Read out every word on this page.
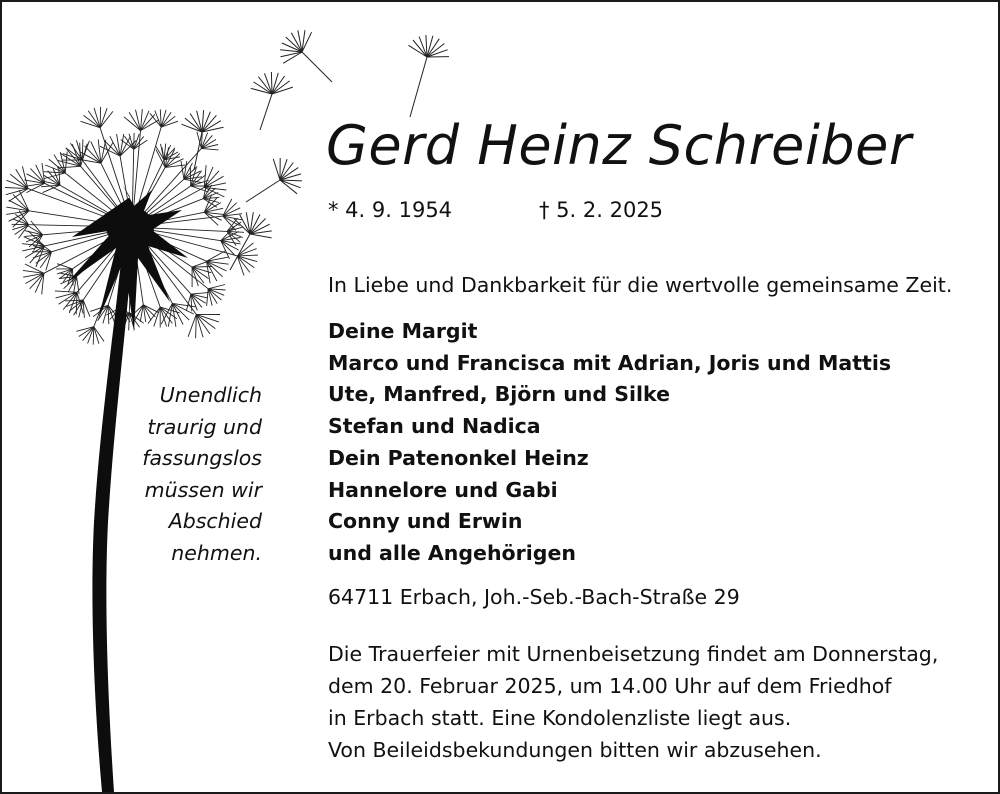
Gerd Heinz Schreiber
* 4. 9. 1954	† 5. 2. 2025
In Liebe und Dankbarkeit für die wertvolle gemeinsame Zeit.
Deine Margit
Marco und Francisca mit Adrian, Joris und Mattis
Ute, Manfred, Björn und Silke
Stefan und Nadica
Dein Patenonkel Heinz
Hannelore und Gabi
Conny und Erwin
und alle Angehörigen
64711 Erbach, Joh.-Seb.-Bach-Straße 29
Die Trauerfeier mit Urnenbeisetzung findet am Donnerstag,
dem 20. Februar 2025, um 14.00 Uhr auf dem Friedhof
in Erbach statt. Eine Kondolenzliste liegt aus.
Von Beileidsbekundungen bitten wir abzusehen.
Unendlich
traurig und
fassungslos
müssen wir
Abschied
nehmen.
